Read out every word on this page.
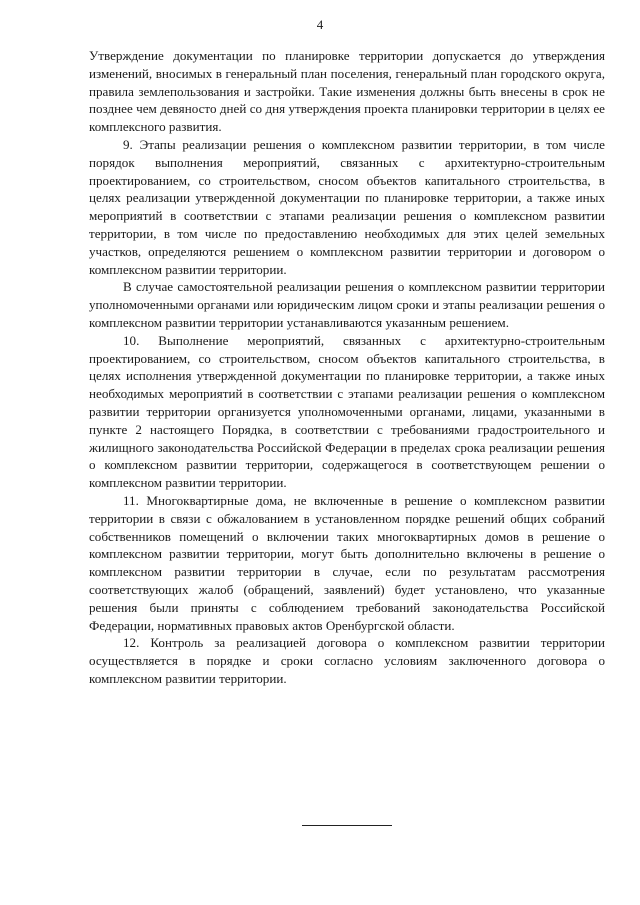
4

Утверждение документации по планировке территории допускается до утверждения изменений, вносимых в генеральный план поселения, генеральный план городского округа, правила землепользования и застройки. Такие изменения должны быть внесены в срок не позднее чем девяносто дней со дня утверждения проекта планировки территории в целях ее комплексного развития.

9. Этапы реализации решения о комплексном развитии территории, в том числе порядок выполнения мероприятий, связанных с архитектурно-строительным проектированием, со строительством, сносом объектов капитального строительства, в целях реализации утвержденной документации по планировке территории, а также иных мероприятий в соответствии с этапами реализации решения о комплексном развитии территории, в том числе по предоставлению необходимых для этих целей земельных участков, определяются решением о комплексном развитии территории и договором о комплексном развитии территории.

В случае самостоятельной реализации решения о комплексном развитии территории уполномоченными органами или юридическим лицом сроки и этапы реализации решения о комплексном развитии территории устанавливаются указанным решением.

10. Выполнение мероприятий, связанных с архитектурно-строительным проектированием, со строительством, сносом объектов капитального строительства, в целях исполнения утвержденной документации по планировке территории, а также иных необходимых мероприятий в соответствии с этапами реализации решения о комплексном развитии территории организуется уполномоченными органами, лицами, указанными в пункте 2 настоящего Порядка, в соответствии с требованиями градостроительного и жилищного законодательства Российской Федерации в пределах срока реализации решения о комплексном развитии территории, содержащегося в соответствующем решении о комплексном развитии территории.

11. Многоквартирные дома, не включенные в решение о комплексном развитии территории в связи с обжалованием в установленном порядке решений общих собраний собственников помещений о включении таких многоквартирных домов в решение о комплексном развитии территории, могут быть дополнительно включены в решение о комплексном развитии территории в случае, если по результатам рассмотрения соответствующих жалоб (обращений, заявлений) будет установлено, что указанные решения были приняты с соблюдением требований законодательства Российской Федерации, нормативных правовых актов Оренбургской области.

12. Контроль за реализацией договора о комплексном развитии территории осуществляется в порядке и сроки согласно условиям заключенного договора о комплексном развитии территории.
